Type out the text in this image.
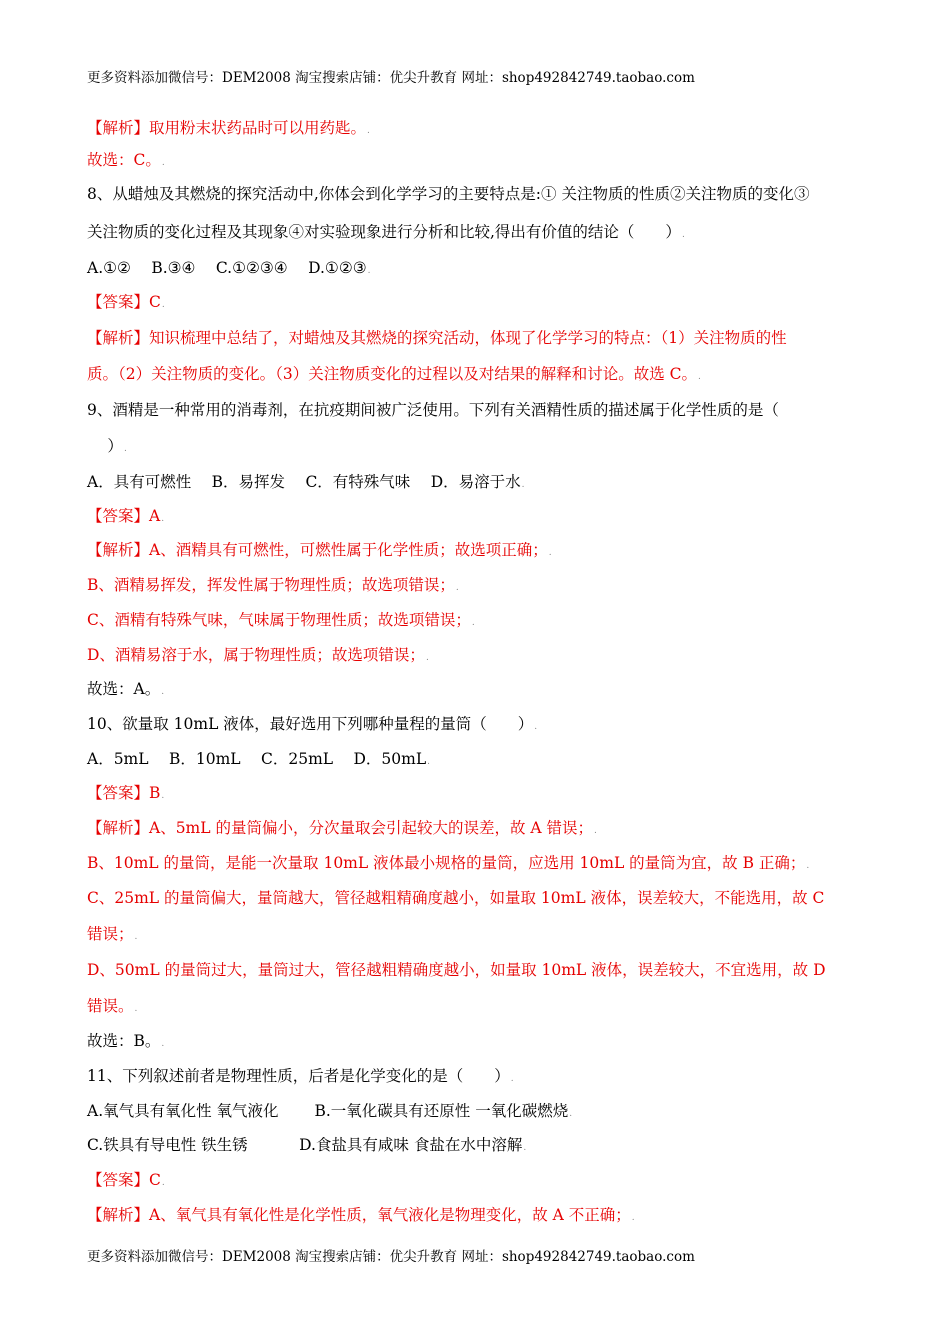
更多资料添加微信号：DEM2008 淘宝搜索店铺：优尖升教育 网址：shop492842749.taobao.com
【解析】取用粉末状药品时可以用药匙。.
故选：C。.
8、从蜡烛及其燃烧的探究活动中,你体会到化学学习的主要特点是:① 关注物质的性质②关注物质的变化③
关注物质的变化过程及其现象④对实验现象进行分析和比较,得出有价值的结论（　　）.
A.①②　 B.③④　 C.①②③④　 D.①②③.
【答案】C.
【解析】知识梳理中总结了，对蜡烛及其燃烧的探究活动，体现了化学学习的特点：（1）关注物质的性
质。（2）关注物质的变化。（3）关注物质变化的过程以及对结果的解释和讨论。故选 C。.
9、酒精是一种常用的消毒剂，在抗疫期间被广泛使用。下列有关酒精性质的描述属于化学性质的是（
　 ）.
A．具有可燃性　 B．易挥发　 C．有特殊气味　 D．易溶于水.
【答案】A.
【解析】A、酒精具有可燃性，可燃性属于化学性质；故选项正确；.
B、酒精易挥发，挥发性属于物理性质；故选项错误；.
C、酒精有特殊气味，气味属于物理性质；故选项错误；.
D、酒精易溶于水，属于物理性质；故选项错误；.
故选：A。.
10、欲量取 10mL 液体，最好选用下列哪种量程的量筒（　　）.
A．5mL　 B．10mL　 C．25mL　 D．50mL.
【答案】B.
【解析】A、5mL 的量筒偏小，分次量取会引起较大的误差，故 A 错误；.
B、10mL 的量筒，是能一次量取 10mL 液体最小规格的量筒，应选用 10mL 的量筒为宜，故 B 正确；.
C、25mL 的量筒偏大，量筒越大，管径越粗精确度越小，如量取 10mL 液体，误差较大，不能选用，故 C
错误；.
D、50mL 的量筒过大，量筒过大，管径越粗精确度越小，如量取 10mL 液体，误差较大，不宜选用，故 D
错误。.
故选：B。.
11、下列叙述前者是物理性质，后者是化学变化的是（　　）.
A.氧气具有氧化性 氧气液化　　 B.一氧化碳具有还原性 一氧化碳燃烧.
C.铁具有导电性 铁生锈　　　 D.食盐具有咸味 食盐在水中溶解.
【答案】C.
【解析】A、氧气具有氧化性是化学性质，氧气液化是物理变化，故 A 不正确；.
更多资料添加微信号：DEM2008 淘宝搜索店铺：优尖升教育 网址：shop492842749.taobao.com
